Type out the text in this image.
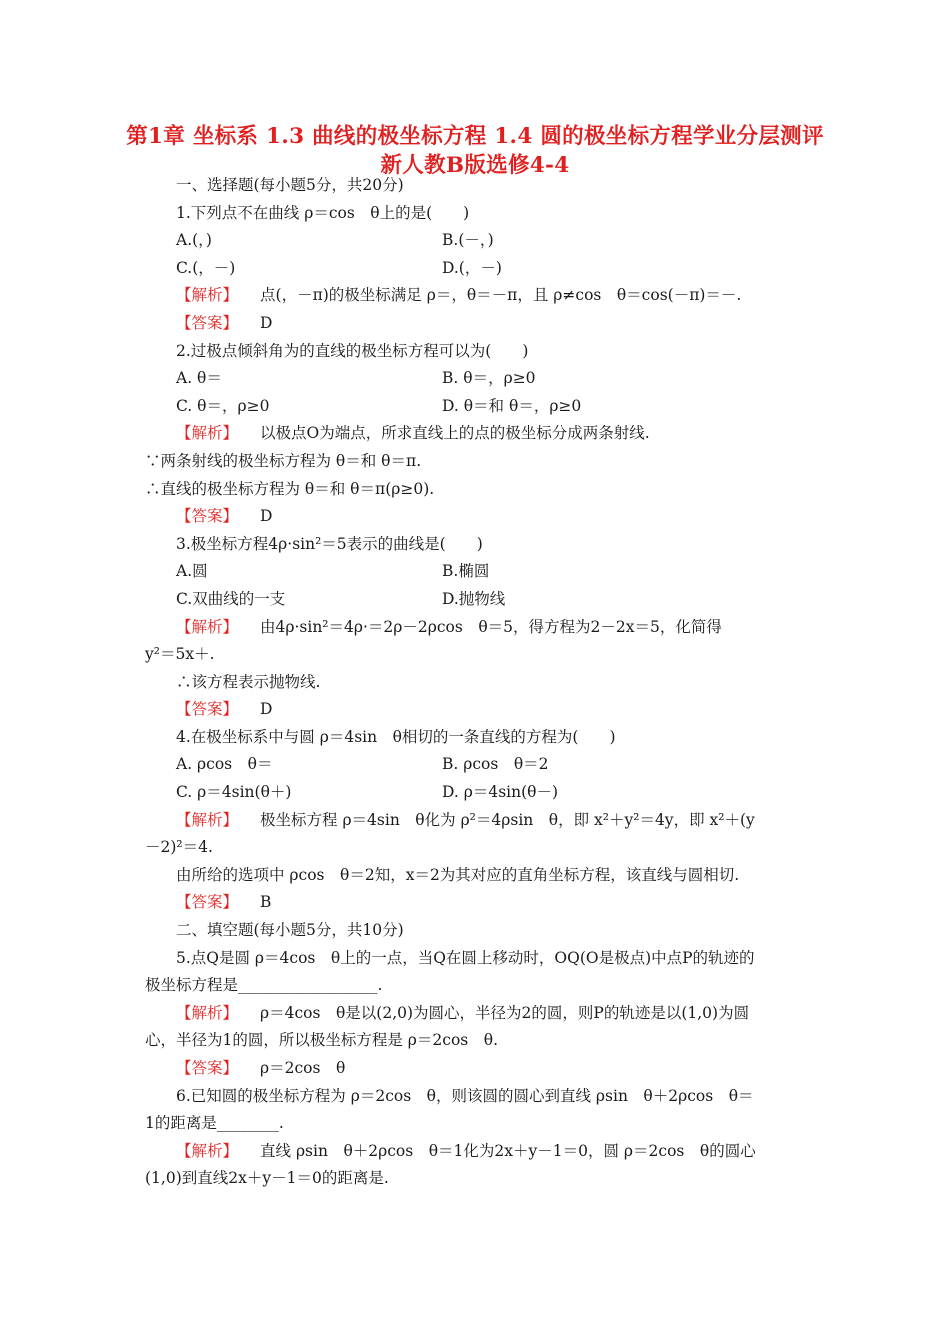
第1章 坐标系 1.3 曲线的极坐标方程 1.4 圆的极坐标方程学业分层测评 新人教B版选修4-4
一、选择题(每小题5分，共20分)
1.下列点不在曲线 ρ＝cos　θ上的是(　　)
A.(，)	B.(－，)
C.(，－)	D.(，－)
【解析】 点(，－π)的极坐标满足 ρ＝，θ＝－π，且 ρ≠cos　θ＝cos(－π)＝－.
【答案】 D
2.过极点倾斜角为的直线的极坐标方程可以为(　　)
A. θ＝	B. θ＝，ρ≥0
C. θ＝，ρ≥0	D. θ＝和 θ＝，ρ≥0
【解析】 以极点O为端点，所求直线上的点的极坐标分成两条射线.
∵两条射线的极坐标方程为 θ＝和 θ＝π.
∴直线的极坐标方程为 θ＝和 θ＝π(ρ≥0).
【答案】 D
3.极坐标方程4ρ·sin²＝5表示的曲线是(　　)
A.圆	B.椭圆
C.双曲线的一支	D.抛物线
【解析】 由4ρ·sin²＝4ρ·＝2ρ－2ρcos　θ＝5，得方程为2－2x＝5，化简得
y²＝5x＋.
∴该方程表示抛物线.
【答案】 D
4.在极坐标系中与圆 ρ＝4sin　θ相切的一条直线的方程为(　　)
A. ρcos　θ＝	B. ρcos　θ＝2
C. ρ＝4sin(θ＋)	D. ρ＝4sin(θ－)
【解析】 极坐标方程 ρ＝4sin　θ化为 ρ²＝4ρsin　θ，即 x²＋y²＝4y，即 x²＋(y
－2)²＝4.
由所给的选项中 ρcos　θ＝2知，x＝2为其对应的直角坐标方程，该直线与圆相切.
【答案】 B
二、填空题(每小题5分，共10分)
5.点Q是圆 ρ＝4cos　θ上的一点，当Q在圆上移动时，OQ(O是极点)中点P的轨迹的
极坐标方程是__________________.
【解析】 ρ＝4cos　θ是以(2,0)为圆心，半径为2的圆，则P的轨迹是以(1,0)为圆
心，半径为1的圆，所以极坐标方程是 ρ＝2cos　θ.
【答案】 ρ＝2cos　θ
6.已知圆的极坐标方程为 ρ＝2cos　θ，则该圆的圆心到直线 ρsin　θ＋2ρcos　θ＝
1的距离是________.
【解析】 直线 ρsin　θ＋2ρcos　θ＝1化为2x＋y－1＝0，圆 ρ＝2cos　θ的圆心
(1,0)到直线2x＋y－1＝0的距离是.
